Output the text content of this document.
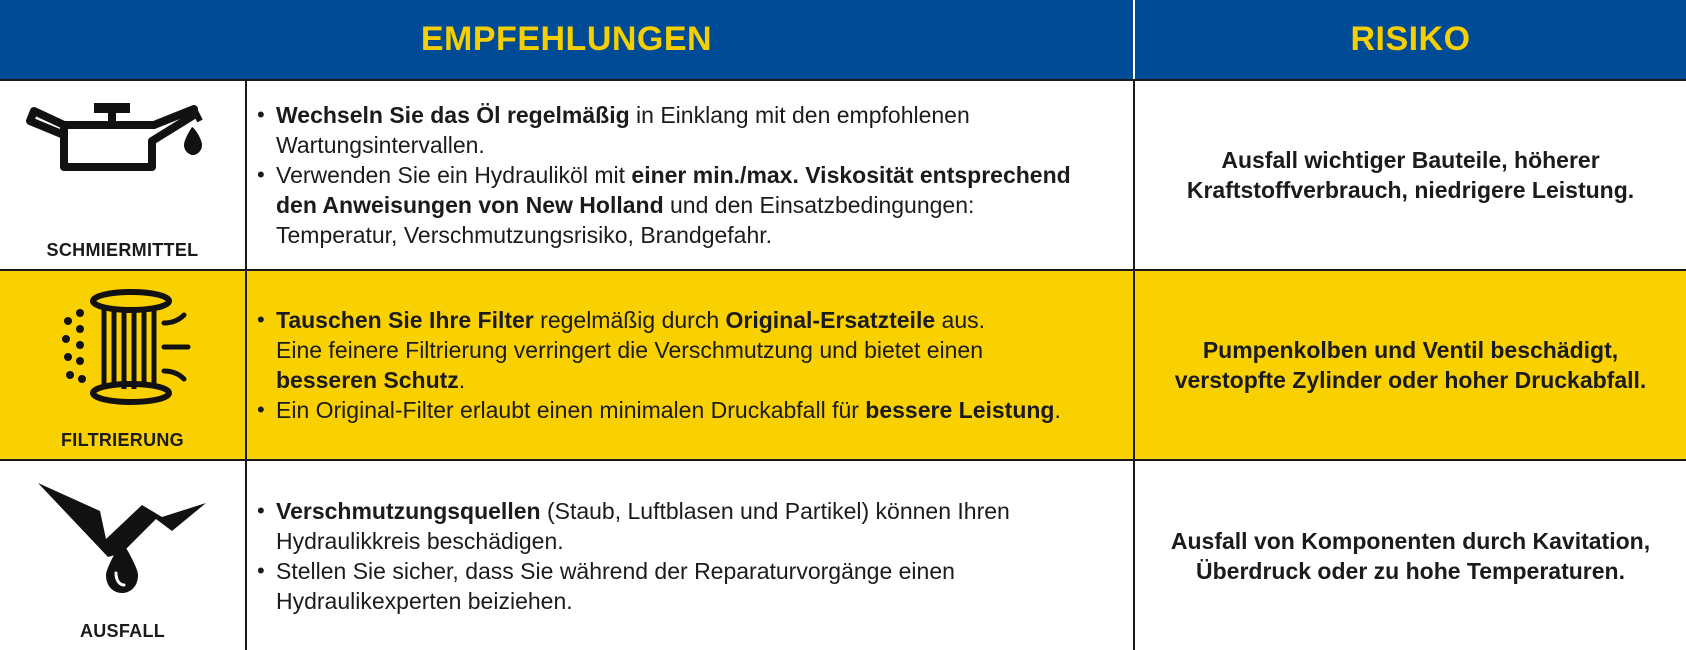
EMPFEHLUNGEN	RISIKO
SCHMIERMITTEL
• Wechseln Sie das Öl regelmäßig in Einklang mit den empfohlenen
Wartungsintervallen.
• Verwenden Sie ein Hydrauliköl mit einer min./max. Viskosität entsprechend
den Anweisungen von New Holland und den Einsatzbedingungen:
Temperatur, Verschmutzungsrisiko, Brandgefahr.
Ausfall wichtiger Bauteile, höherer
Kraftstoffverbrauch, niedrigere Leistung.
FILTRIERUNG
• Tauschen Sie Ihre Filter regelmäßig durch Original-Ersatzteile aus.
Eine feinere Filtrierung verringert die Verschmutzung und bietet einen
besseren Schutz.
• Ein Original-Filter erlaubt einen minimalen Druckabfall für bessere Leistung.
Pumpenkolben und Ventil beschädigt,
verstopfte Zylinder oder hoher Druckabfall.
AUSFALL
• Verschmutzungsquellen (Staub, Luftblasen und Partikel) können Ihren
Hydraulikkreis beschädigen.
• Stellen Sie sicher, dass Sie während der Reparaturvorgänge einen
Hydraulikexperten beiziehen.
Ausfall von Komponenten durch Kavitation,
Überdruck oder zu hohe Temperaturen.
